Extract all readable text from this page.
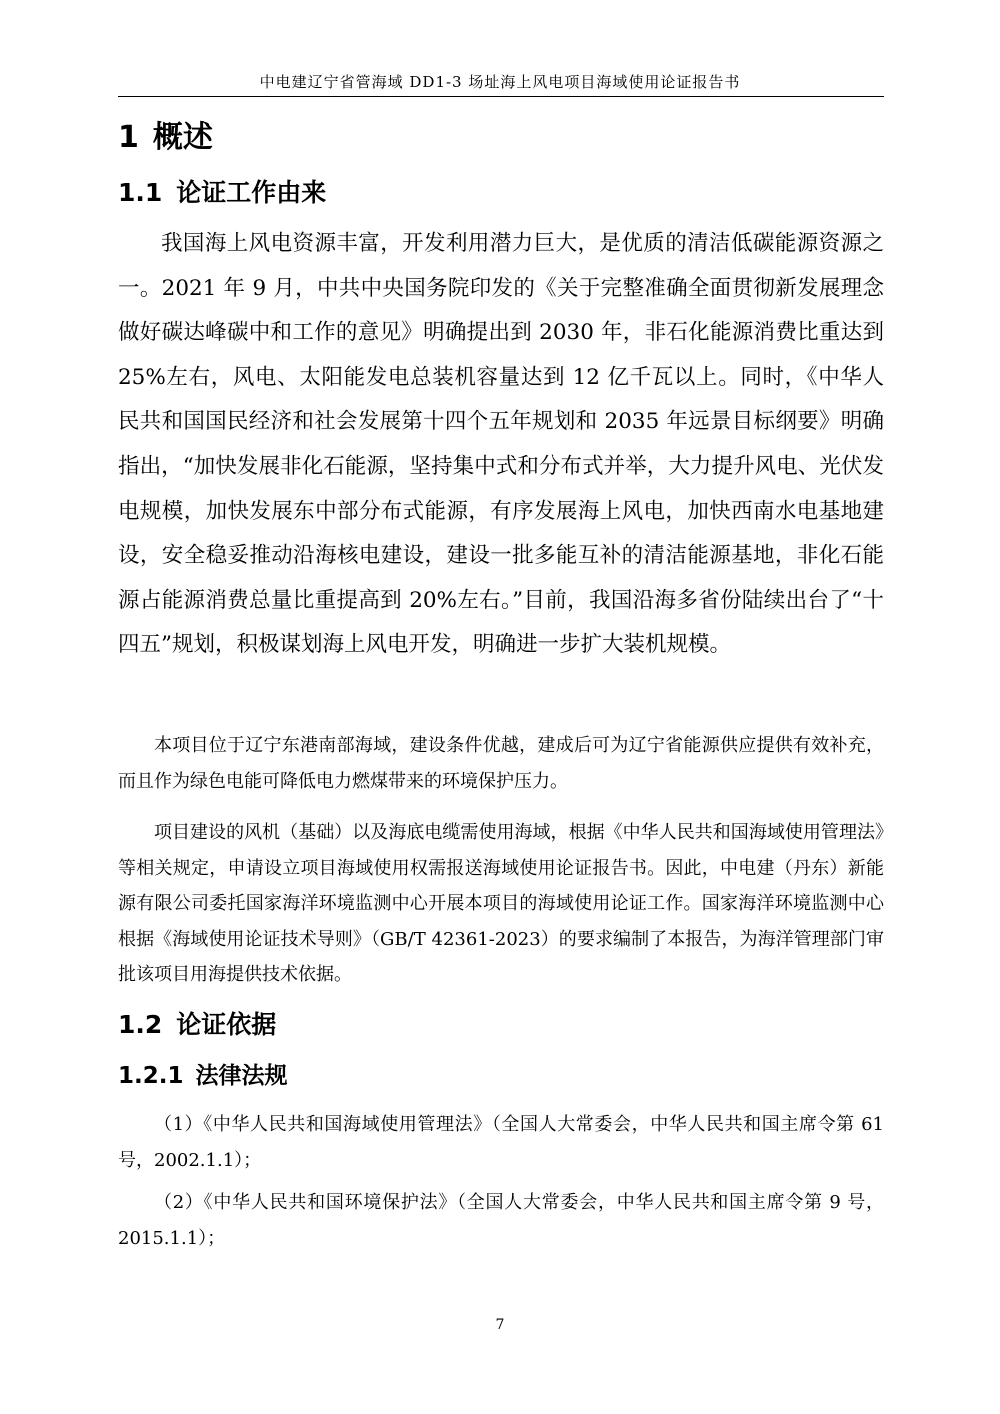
中电建辽宁省管海域 DD1-3 场址海上风电项目海域使用论证报告书
1 概述
1.1 论证工作由来

我国海上风电资源丰富，开发利用潜力巨大，是优质的清洁低碳能源资源之一。2021 年 9 月，中共中央国务院印发的《关于完整准确全面贯彻新发展理念做好碳达峰碳中和工作的意见》明确提出到 2030 年，非石化能源消费比重达到 25%左右，风电、太阳能发电总装机容量达到 12 亿千瓦以上。同时，《中华人民共和国国民经济和社会发展第十四个五年规划和 2035 年远景目标纲要》明确指出，“加快发展非化石能源，坚持集中式和分布式并举，大力提升风电、光伏发电规模，加快发展东中部分布式能源，有序发展海上风电，加快西南水电基地建设，安全稳妥推动沿海核电建设，建设一批多能互补的清洁能源基地，非化石能源占能源消费总量比重提高到 20%左右。”目前，我国沿海多省份陆续出台了“十四五”规划，积极谋划海上风电开发，明确进一步扩大装机规模。

本项目位于辽宁东港南部海域，建设条件优越，建成后可为辽宁省能源供应提供有效补充，而且作为绿色电能可降低电力燃煤带来的环境保护压力。

项目建设的风机（基础）以及海底电缆需使用海域，根据《中华人民共和国海域使用管理法》等相关规定，申请设立项目海域使用权需报送海域使用论证报告书。因此，中电建（丹东）新能源有限公司委托国家海洋环境监测中心开展本项目的海域使用论证工作。国家海洋环境监测中心根据《海域使用论证技术导则》（GB/T 42361-2023）的要求编制了本报告，为海洋管理部门审批该项目用海提供技术依据。

1.2 论证依据
1.2.1 法律法规

（1）《中华人民共和国海域使用管理法》（全国人大常委会，中华人民共和国主席令第 61 号，2002.1.1）；

（2）《中华人民共和国环境保护法》（全国人大常委会，中华人民共和国主席令第 9 号，2015.1.1）；

7
